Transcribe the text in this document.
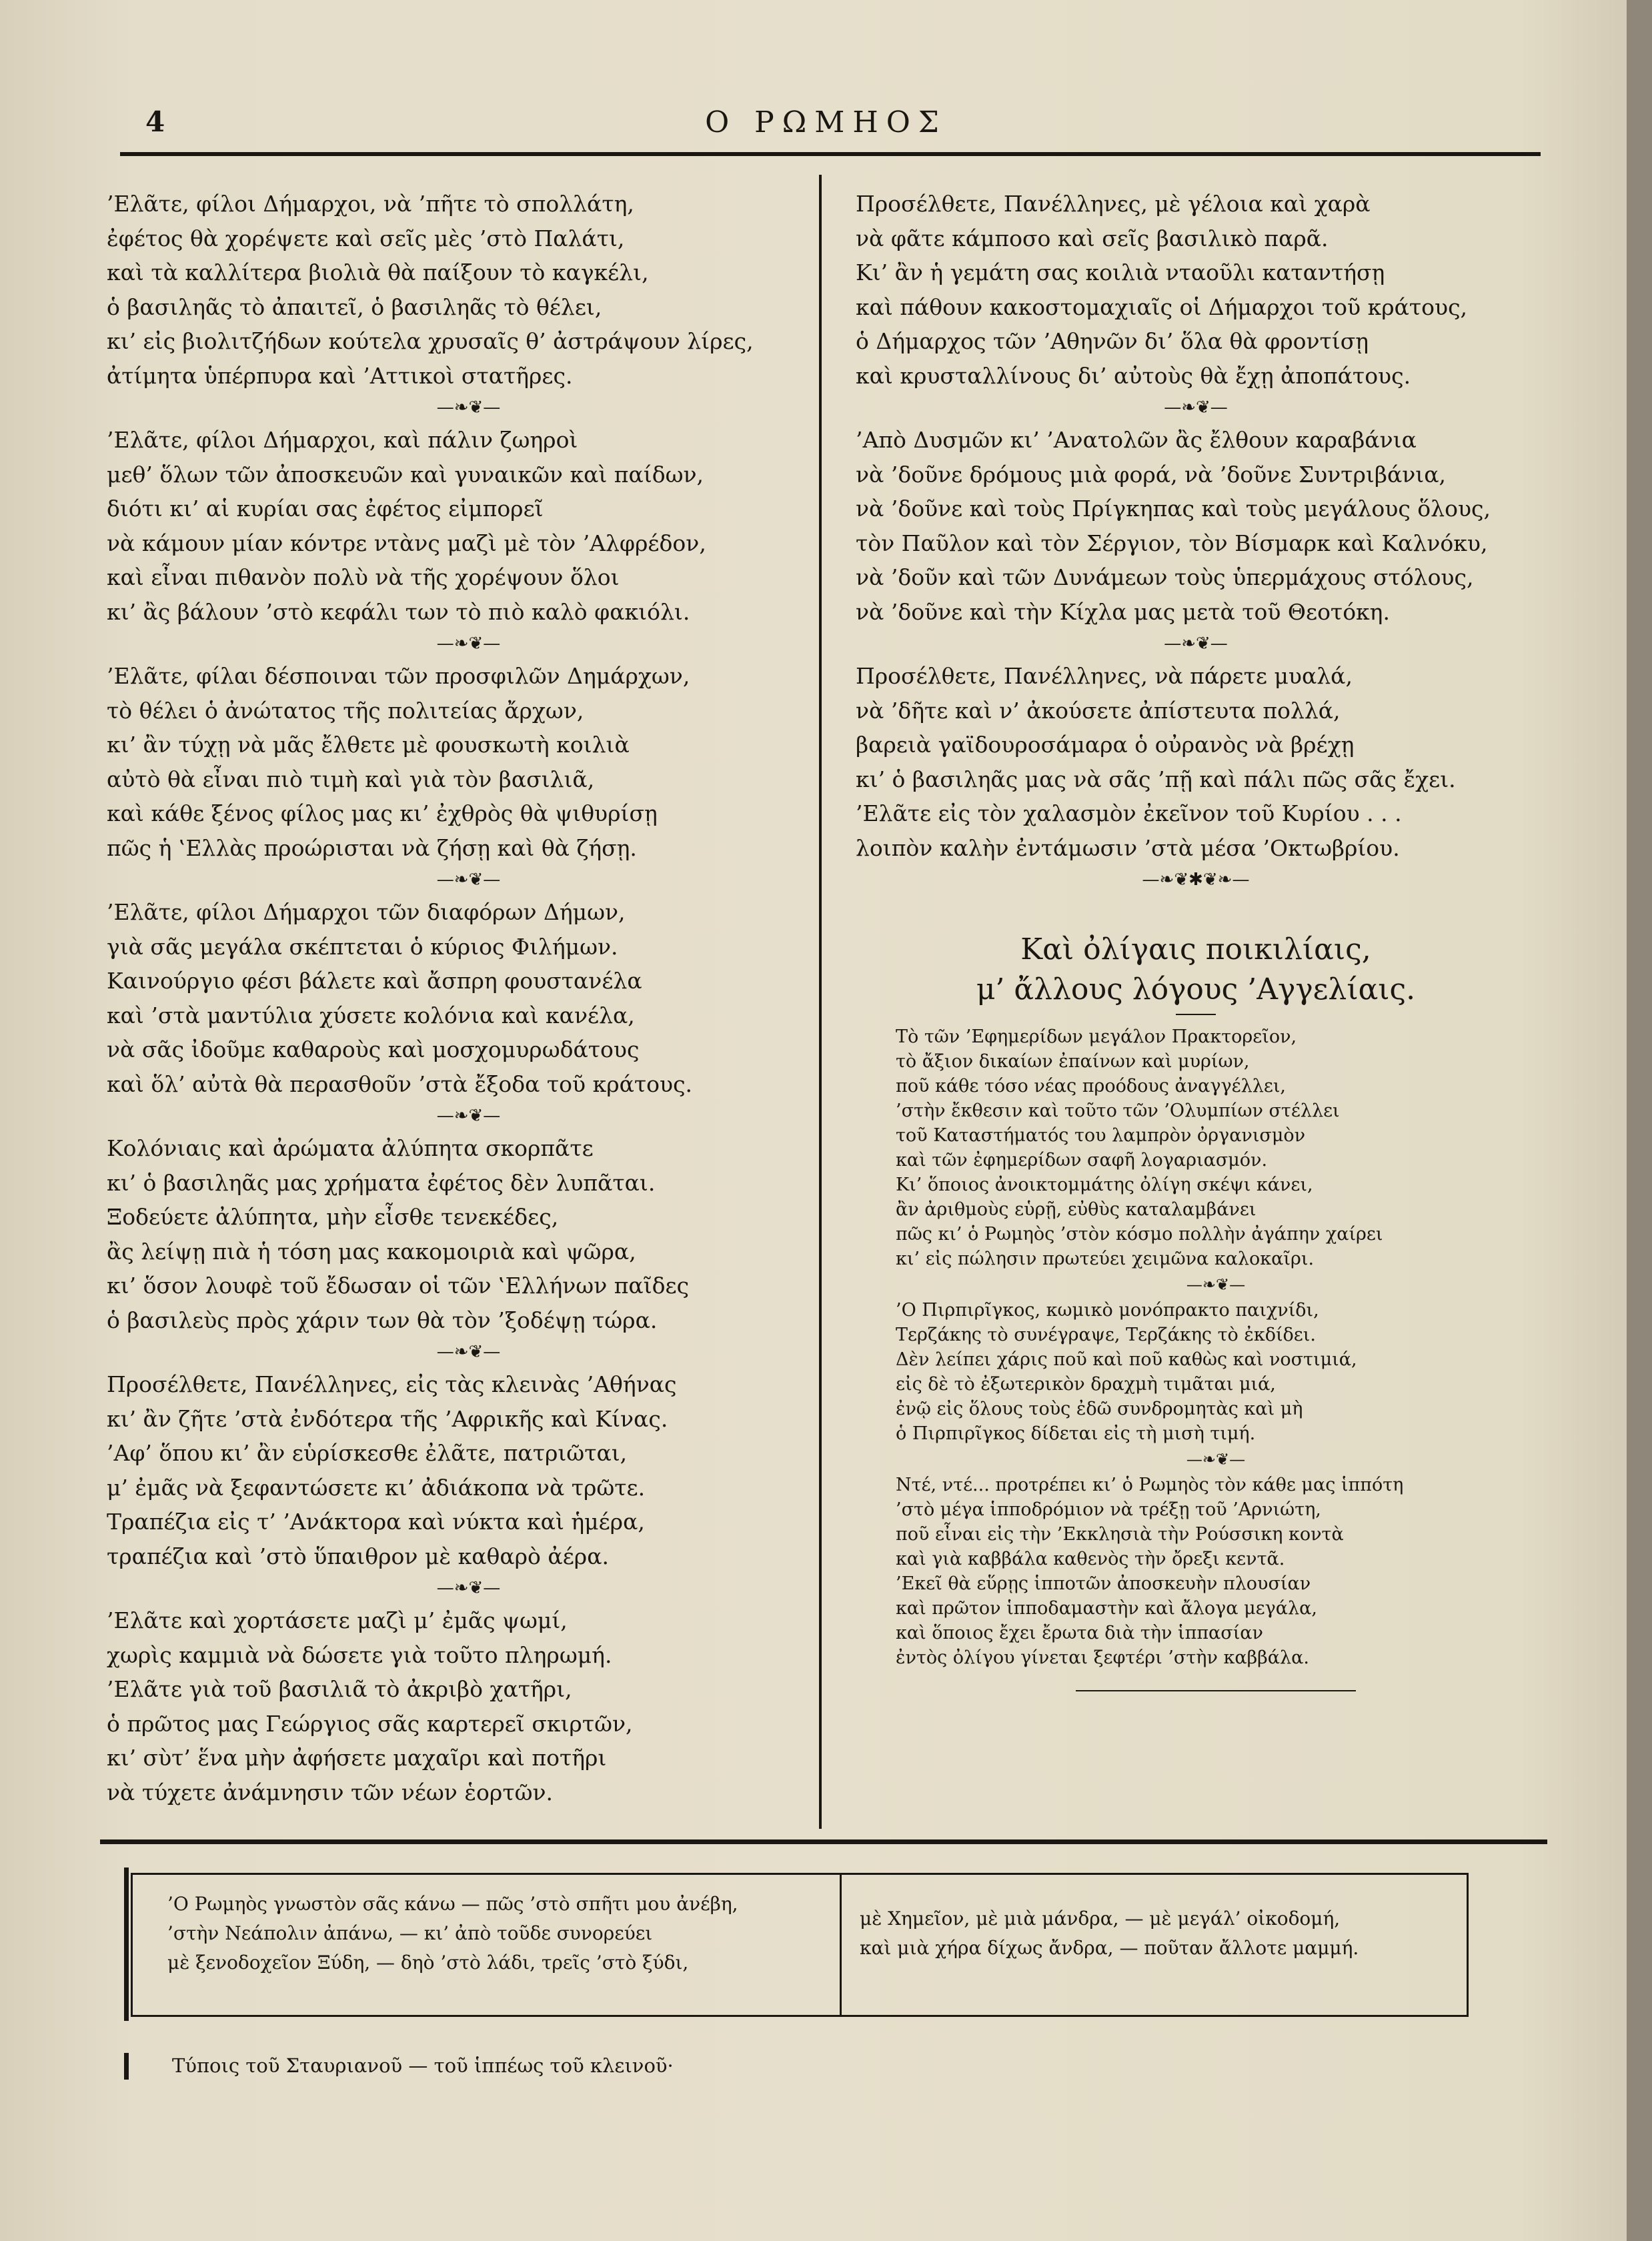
4	Ο ΡΩΜΗΟΣ

’Ελᾶτε, φίλοι Δήμαρχοι, νὰ ’πῆτε τὸ σπολλάτη,

ἐφέτος θὰ χορέψετε καὶ σεῖς μὲς ’στὸ Παλάτι,

καὶ τὰ καλλίτερα βιολιὰ θὰ παίξουν τὸ καγκέλι,

ὁ βασιληᾶς τὸ ἀπαιτεῖ, ὁ βασιληᾶς τὸ θέλει,

κι’ εἰς βιολιτζήδων κούτελα χρυσαῖς θ’ ἀστράψουν λίρες,

ἀτίμητα ὑπέρπυρα καὶ ’Αττικοὶ στατῆρες.

—❧❦—

’Ελᾶτε, φίλοι Δήμαρχοι, καὶ πάλιν ζωηροὶ

μεθ’ ὅλων τῶν ἀποσκευῶν καὶ γυναικῶν καὶ παίδων,

διότι κι’ αἱ κυρίαι σας ἐφέτος εἰμπορεῖ

νὰ κάμουν μίαν κόντρε ντὰνς μαζὶ μὲ τὸν ’Αλφρέδον,

καὶ εἶναι πιθανὸν πολὺ νὰ τῆς χορέψουν ὅλοι

κι’ ἂς βάλουν ’στὸ κεφάλι των τὸ πιὸ καλὸ φακιόλι.

—❧❦—

’Ελᾶτε, φίλαι δέσποιναι τῶν προσφιλῶν Δημάρχων,

τὸ θέλει ὁ ἀνώτατος τῆς πολιτείας ἄρχων,

κι’ ἂν τύχῃ νὰ μᾶς ἔλθετε μὲ φουσκωτὴ κοιλιὰ

αὐτὸ θὰ εἶναι πιὸ τιμὴ καὶ γιὰ τὸν βασιλιᾶ,

καὶ κάθε ξένος φίλος μας κι’ ἐχθρὸς θὰ ψιθυρίσῃ

πῶς ἡ ‛Ελλὰς προώρισται νὰ ζήσῃ καὶ θὰ ζήσῃ.

—❧❦—

’Ελᾶτε, φίλοι Δήμαρχοι τῶν διαφόρων Δήμων,

γιὰ σᾶς μεγάλα σκέπτεται ὁ κύριος Φιλήμων.

Καινούργιο φέσι βάλετε καὶ ἄσπρη φουστανέλα

καὶ ’στὰ μαντύλια χύσετε κολόνια καὶ κανέλα,

νὰ σᾶς ἰδοῦμε καθαροὺς καὶ μοσχομυρωδάτους

καὶ ὅλ’ αὐτὰ θὰ περασθοῦν ’στὰ ἔξοδα τοῦ κράτους.

—❧❦—

Κολόνιαις καὶ ἀρώματα ἀλύπητα σκορπᾶτε

κι’ ὁ βασιληᾶς μας χρήματα ἐφέτος δὲν λυπᾶται.

Ξοδεύετε ἀλύπητα, μὴν εἶσθε τενεκέδες,

ἂς λείψῃ πιὰ ἡ τόση μας κακομοιριὰ καὶ ψῶρα,

κι’ ὅσον λουφὲ τοῦ ἔδωσαν οἱ τῶν ‛Ελλήνων παῖδες

ὁ βασιλεὺς πρὸς χάριν των θὰ τὸν ’ξοδέψῃ τώρα.

—❧❦—

Προσέλθετε, Πανέλληνες, εἰς τὰς κλεινὰς ’Αθήνας

κι’ ἂν ζῆτε ’στὰ ἐνδότερα τῆς ’Αφρικῆς καὶ Κίνας.

’Αφ’ ὅπου κι’ ἂν εὑρίσκεσθε ἐλᾶτε, πατριῶται,

μ’ ἐμᾶς νὰ ξεφαντώσετε κι’ ἀδιάκοπα νὰ τρῶτε.

Τραπέζια εἰς τ’ ’Ανάκτορα καὶ νύκτα καὶ ἡμέρα,

τραπέζια καὶ ’στὸ ὕπαιθρον μὲ καθαρὸ ἀέρα.

—❧❦—

’Ελᾶτε καὶ χορτάσετε μαζὶ μ’ ἐμᾶς ψωμί,

χωρὶς καμμιὰ νὰ δώσετε γιὰ τοῦτο πληρωμή.

’Ελᾶτε γιὰ τοῦ βασιλιᾶ τὸ ἀκριβὸ χατῆρι,

ὁ πρῶτος μας Γεώργιος σᾶς καρτερεῖ σκιρτῶν,

κι’ σὺτ’ ἕνα μὴν ἀφήσετε μαχαῖρι καὶ ποτῆρι

νὰ τύχετε ἀνάμνησιν τῶν νέων ἑορτῶν.

Προσέλθετε, Πανέλληνες, μὲ γέλοια καὶ χαρὰ

νὰ φᾶτε κάμποσο καὶ σεῖς βασιλικὸ παρᾶ.

Κι’ ἂν ἡ γεμάτη σας κοιλιὰ νταοῦλι καταντήσῃ

καὶ πάθουν κακοστομαχιαῖς οἱ Δήμαρχοι τοῦ κράτους,

ὁ Δήμαρχος τῶν ’Αθηνῶν δι’ ὅλα θὰ φροντίσῃ

καὶ κρυσταλλίνους δι’ αὐτοὺς θὰ ἔχῃ ἀποπάτους.

—❧❦—

’Απὸ Δυσμῶν κι’ ’Ανατολῶν ἂς ἔλθουν καραβάνια

νὰ ’δοῦνε δρόμους μιὰ φορά, νὰ ’δοῦνε Συντριβάνια,

νὰ ’δοῦνε καὶ τοὺς Πρίγκηπας καὶ τοὺς μεγάλους ὅλους,

τὸν Παῦλον καὶ τὸν Σέργιον, τὸν Βίσμαρκ καὶ Καλνόκυ,

νὰ ’δοῦν καὶ τῶν Δυνάμεων τοὺς ὑπερμάχους στόλους,

νὰ ’δοῦνε καὶ τὴν Κίχλα μας μετὰ τοῦ Θεοτόκη.

—❧❦—

Προσέλθετε, Πανέλληνες, νὰ πάρετε μυαλά,

νὰ ’δῆτε καὶ ν’ ἀκούσετε ἀπίστευτα πολλά,

βαρειὰ γαϊδουροσάμαρα ὁ οὐρανὸς νὰ βρέχῃ

κι’ ὁ βασιληᾶς μας νὰ σᾶς ’πῇ καὶ πάλι πῶς σᾶς ἔχει.

’Ελᾶτε εἰς τὸν χαλασμὸν ἐκεῖνον τοῦ Κυρίου . . .

λοιπὸν καλὴν ἐντάμωσιν ’στὰ μέσα ’Οκτωβρίου.

—❧❦✱❦❧—

Καὶ ὀλίγαις ποικιλίαις,

μ’ ἄλλους λόγους ’Αγγελίαις.

Τὸ τῶν ’Εφημερίδων μεγάλον Πρακτορεῖον,

τὸ ἄξιον δικαίων ἐπαίνων καὶ μυρίων,

ποῦ κάθε τόσο νέας προόδους ἀναγγέλλει,

’στὴν ἔκθεσιν καὶ τοῦτο τῶν ’Ολυμπίων στέλλει

τοῦ Καταστήματός του λαμπρὸν ὀργανισμὸν

καὶ τῶν ἐφημερίδων σαφῆ λογαριασμόν.

Κι’ ὅποιος ἀνοικτομμάτης ὀλίγη σκέψι κάνει,

ἂν ἀριθμοὺς εὑρῇ, εὐθὺς καταλαμβάνει

πῶς κι’ ὁ Ρωμηὸς ’στὸν κόσμο πολλὴν ἀγάπην χαίρει

κι’ εἰς πώλησιν πρωτεύει χειμῶνα καλοκαῖρι.

—❧❦—

’Ο Πιρπιρῖγκος, κωμικὸ μονόπρακτο παιχνίδι,

Τερζάκης τὸ συνέγραψε, Τερζάκης τὸ ἐκδίδει.

Δὲν λείπει χάρις ποῦ καὶ ποῦ καθὼς καὶ νοστιμιά,

εἰς δὲ τὸ ἐξωτερικὸν δραχμὴ τιμᾶται μιά,

ἐνῷ εἰς ὅλους τοὺς ἐδῶ συνδρομητὰς καὶ μὴ

ὁ Πιρπιρῖγκος δίδεται εἰς τὴ μισὴ τιμή.

—❧❦—

Ντέ, ντέ... προτρέπει κι’ ὁ Ρωμηὸς τὸν κάθε μας ἱππότη

’στὸ μέγα ἱπποδρόμιον νὰ τρέξῃ τοῦ ’Αρνιώτη,

ποῦ εἶναι εἰς τὴν ’Εκκλησιὰ τὴν Ρούσσικη κοντὰ

καὶ γιὰ καββάλα καθενὸς τὴν ὄρεξι κεντᾶ.

’Εκεῖ θὰ εὕρῃς ἱπποτῶν ἀποσκευὴν πλουσίαν

καὶ πρῶτον ἱπποδαμαστὴν καὶ ἄλογα μεγάλα,

καὶ ὅποιος ἔχει ἔρωτα διὰ τὴν ἱππασίαν

ἐντὸς ὀλίγου γίνεται ξεφτέρι ’στὴν καββάλα.

’Ο Ρωμηὸς γνωστὸν σᾶς κάνω — πῶς ’στὸ σπῆτι μου ἀνέβη,

’στὴν Νεάπολιν ἀπάνω, — κι’ ἀπὸ τοῦδε συνορεύει

μὲ ξενοδοχεῖον Ξύδη, — δηὸ ’στὸ λάδι, τρεῖς ’στὸ ξύδι,

μὲ Χημεῖον, μὲ μιὰ μάνδρα, — μὲ μεγάλ’ οἰκοδομή,

καὶ μιὰ χήρα δίχως ἄνδρα, — ποῦταν ἄλλοτε μαμμή.

Τύποις τοῦ Σταυριανοῦ — τοῦ ἱππέως τοῦ κλεινοῦ·
